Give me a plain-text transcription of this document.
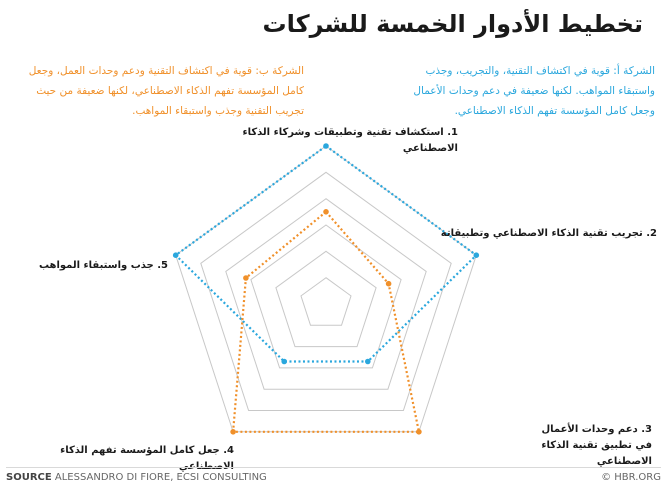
تخطيط الأدوار الخمسة للشركات
الشركة أ: قوية في اكتشاف التقنية، والتجريب، وجذب واستبقاء المواهب. لكنها ضعيفة في دعم وحدات الأعمال وجعل كامل المؤسسة تفهم الذكاء الاصطناعي.
الشركة ب: قوية في اكتشاف التقنية ودعم وحدات العمل، وجعل كامل المؤسسة تفهم الذكاء الاصطناعي، لكنها ضعيفة من حيث تجريب التقنية وجذب واستبقاء المواهب.
1. استكشاف تقنية وتطبيقات وشركاء الذكاء الاصطناعي
2. تجريب تقنية الذكاء الاصطناعي وتطبيقاته
3. دعم وحدات الأعمال في تطبيق تقنية الذكاء الاصطناعي
4. جعل كامل المؤسسة تفهم الذكاء الاصطناعي
5. جذب واستبقاء المواهب
SOURCE ALESSANDRO DI FIORE, ECSI CONSULTING	© HBR.ORG
